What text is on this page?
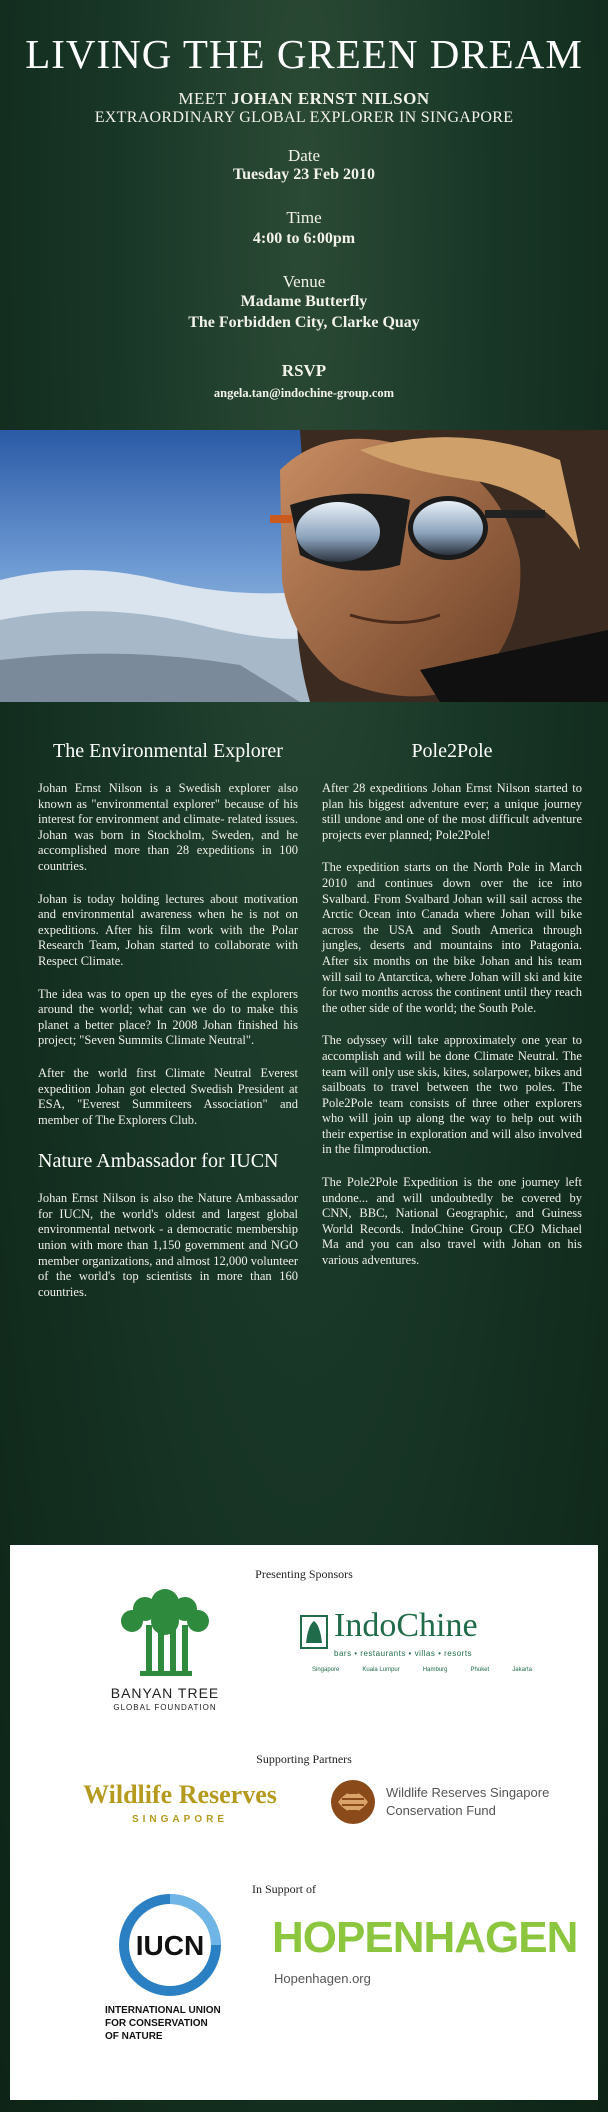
LIVING THE GREEN DREAM
MEET JOHAN ERNST NILSON
EXTRAORDINARY GLOBAL EXPLORER IN SINGAPORE
Date
Tuesday 23 Feb 2010
Time
4:00 to 6:00pm
Venue
Madame Butterfly
The Forbidden City, Clarke Quay
RSVP
angela.tan@indochine-group.com
The Environmental Explorer

Johan Ernst Nilson is a Swedish explorer also known as "environmental explorer" because of his interest for environment and climate- related issues. Johan was born in Stockholm, Sweden, and he accomplished more than 28 expeditions in 100 countries.

Johan is today holding lectures about motivation and environmental awareness when he is not on expeditions. After his film work with the Polar Research Team, Johan started to collaborate with Respect Climate.

The idea was to open up the eyes of the explorers around the world; what can we do to make this planet a better place? In 2008 Johan finished his project; "Seven Summits Climate Neutral".

After the world first Climate Neutral Everest expedition Johan got elected Swedish President at ESA, "Everest Summiteers Association" and member of The Explorers Club.

Nature Ambassador for IUCN

Johan Ernst Nilson is also the Nature Ambassador for IUCN, the world's oldest and largest global environmental network - a democratic membership union with more than 1,150 government and NGO member organizations, and almost 12,000 volunteer of the world's top scientists in more than 160 countries.

Pole2Pole

After 28 expeditions Johan Ernst Nilson started to plan his biggest adventure ever; a unique journey still undone and one of the most difficult adventure projects ever planned; Pole2Pole!

The expedition starts on the North Pole in March 2010 and continues down over the ice into Svalbard. From Svalbard Johan will sail across the Arctic Ocean into Canada where Johan will bike across the USA and South America through jungles, deserts and mountains into Patagonia. After six months on the bike Johan and his team will sail to Antarctica, where Johan will ski and kite for two months across the continent until they reach the other side of the world; the South Pole.

The odyssey will take approximately one year to accomplish and will be done Climate Neutral. The team will only use skis, kites, solarpower, bikes and sailboats to travel between the two poles. The Pole2Pole team consists of three other explorers who will join up along the way to help out with their expertise in exploration and will also involved in the filmproduction.

The Pole2Pole Expedition is the one journey left undone... and will undoubtedly be covered by CNN, BBC, National Geographic, and Guiness World Records. IndoChine Group CEO Michael Ma and you can also travel with Johan on his various adventures.

Presenting Sponsors
BANYAN TREE
GLOBAL FOUNDATION
IndoChine
bars • restaurants • villas • resorts
Singapore	Kuala Lumpur	Hamburg	Phuket	Jakarta
Supporting Partners
Wildlife Reserves
SINGAPORE
Wildlife Reserves Singapore
Conservation Fund
In Support of
IUCN
INTERNATIONAL UNION
FOR CONSERVATION
OF NATURE
HOPENHAGEN
Hopenhagen.org
